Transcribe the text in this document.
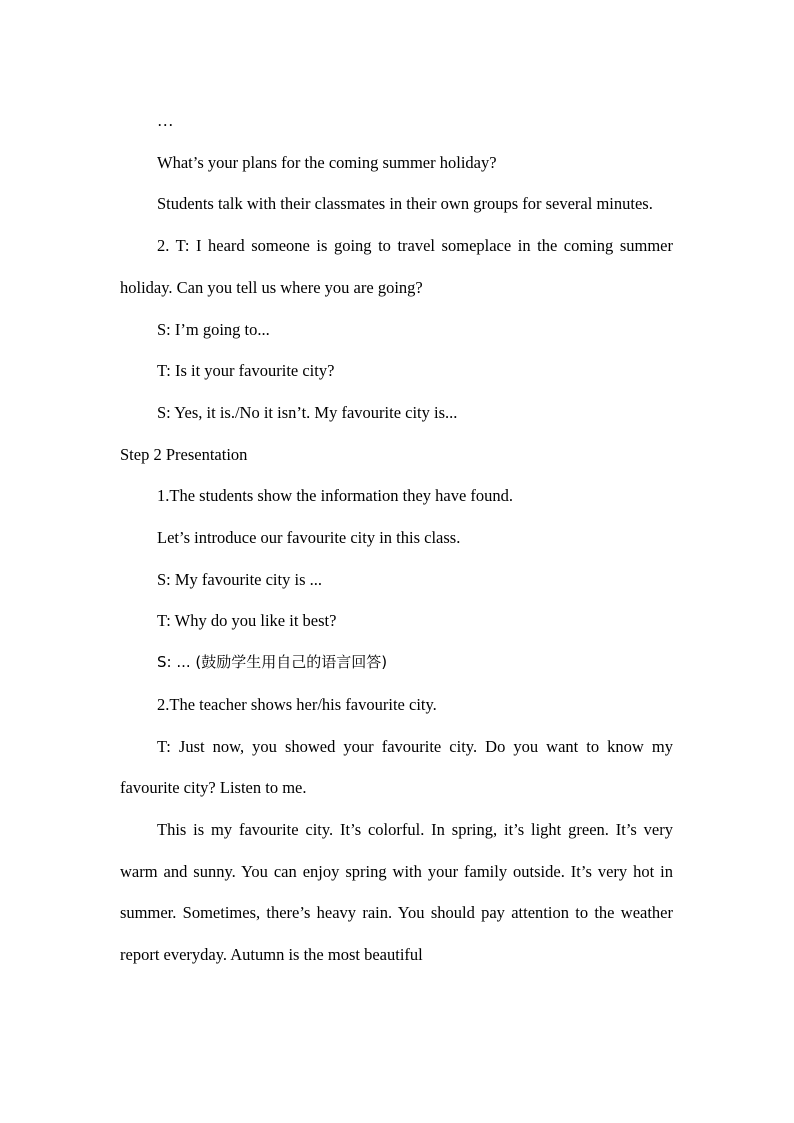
…

What’s your plans for the coming summer holiday?

Students talk with their classmates in their own groups for several minutes.

2. T: I heard someone is going to travel someplace in the coming summer holiday. Can you tell us where you are going?

S: I’m going to...

T: Is it your favourite city?

S: Yes, it is./No it isn’t. My favourite city is...

Step 2 Presentation

1.The students show the information they have found.

Let’s introduce our favourite city in this class.

S: My favourite city is ...

T: Why do you like it best?

S: ... (鼓励学生用自己的语言回答)

2.The teacher shows her/his favourite city.

T: Just now, you showed your favourite city. Do you want to know my favourite city? Listen to me.

This is my favourite city. It’s colorful. In spring, it’s light green. It’s very warm and sunny. You can enjoy spring with your family outside. It’s very hot in summer. Sometimes, there’s heavy rain. You should pay attention to the weather report everyday. Autumn is the most beautiful
